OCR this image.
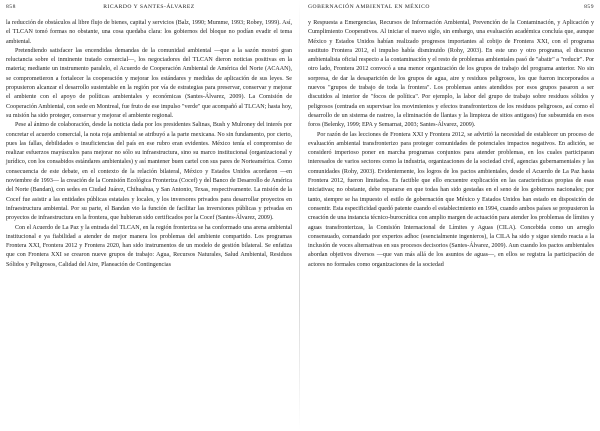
858	RICARDO Y SANTES-ÁLVAREZ

la reducción de obstáculos al libre flujo de bienes, capital y servicios (Balz, 1990; Mumme, 1993; Robey, 1999). Así, el TLCAN tomó formas no obstante, una cosa quedaba clara: los gobiernos del bloque no podían evadir el tema ambiental.

Pretendiendo satisfacer las encendidas demandas de la comunidad ambiental —que a la sazón mostró gran reluctancia sobre el inminente tratado comercial—, los negociadores del TLCAN dieron noticias positivas en la materia; mediante un instrumento paralelo, el Acuerdo de Cooperación Ambiental de América del Norte (ACAAN), se comprometieron a fortalecer la cooperación y mejorar los estándares y medidas de aplicación de sus leyes. Se propusieron alcanzar el desarrollo sustentable en la región por vía de estrategias para preservar, conservar y mejorar el ambiente con el apoyo de políticas ambientales y económicas (Santes-Álvarez, 2009). La Comisión de Cooperación Ambiental, con sede en Montreal, fue fruto de ese impulso "verde" que acompañó al TLCAN; hasta hoy, su misión ha sido proteger, conservar y mejorar el ambiente regional.

Pese al ánimo de colaboración, desde la noticia dada por los presidentes Salinas, Bush y Mulroney del interés por concretar el acuerdo comercial, la nota roja ambiental se atribuyó a la parte mexicana. No sin fundamento, por cierto, pues las fallas, debilidades o insuficiencias del país en ese rubro eran evidentes. México tenía el compromiso de realizar esfuerzos mayúsculos para mejorar no sólo su infraestructura, sino su marco institucional (organizacional y jurídico, con los consabidos estándares ambientales) y así mantener buen cartel con sus pares de Norteamérica. Como consecuencia de este debate, en el contexto de la relación bilateral, México y Estados Unidos acordaron —en noviembre de 1993— la creación de la Comisión Ecológica Fronteriza (Cocef) y del Banco de Desarrollo de América del Norte (Bandan), con sedes en Ciudad Juárez, Chihuahua, y San Antonio, Texas, respectivamente. La misión de la Cocef fue asistir a las entidades públicas estatales y locales, y los inversores privados para desarrollar proyectos en infraestructura ambiental. Por su parte, el Bandan vio la función de facilitar las inversiones públicas y privadas en proyectos de infraestructura en la frontera, que hubieran sido certificados por la Cocef (Santes-Álvarez, 2009).

Con el Acuerdo de La Paz y la entrada del TLCAN, en la región fronteriza se ha conformado una arena ambiental institucional e ya fiabilidad a atender de mejor manera los problemas del ambiente compartido. Los programas Frontera XXI, Frontera 2012 y Frontera 2020, han sido instrumentos de un modelo de gestión bilateral. Se enfatiza que con Frontera XXI se crearon nueve grupos de trabajo: Agua, Recursos Naturales, Salud Ambiental, Residuos Sólidos y Peligrosos, Calidad del Aire, Planeación de Contingencias

GOBERNACIÓN AMBIENTAL EN MÉXICO	859

y Respuesta a Emergencias, Recursos de Información Ambiental, Prevención de la Contaminación, y Aplicación y Cumplimiento Cooperativos. Al iniciar el nuevo siglo, sin embargo, una evaluación académica concluía que, aunque México y Estados Unidos habían realizado progresos importantes al cobijo de Frontera XXI, con el programa sustituto Frontera 2012, el impulso había disminuido (Rohy, 2003). En este uno y otro programa, el discurso ambientalista oficial respecto a la contaminación y el resto de problemas ambientales pasó de "abatir" a "reducir". Por otro lado, Frontera 2012 convocó a una menor organización de los grupos de trabajo del programa anterior. No sin sorpresa, de dar la desaparición de los grupos de agua, aire y residuos peligrosos, los que fueron incorporados a nuevos "grupos de trabajo de toda la frontera". Los problemas antes atendidos por esos grupos pasaron a ser discutidos al interior de "focos de política". Por ejemplo, la labor del grupo de trabajo sobre residuos sólidos y peligrosos (centrada en supervisar los movimientos y efectos transfronterizos de los residuos peligrosos, así como el desarrollo de un sistema de rastreo, la eliminación de llantas y la limpieza de sitios antiguos) fue subsumida en esos foros (Belenky, 1999; EPA y Semarnat, 2003; Santes-Álvarez, 2009).

Por razón de las lecciones de Frontera XXI y Frontera 2012, se advirtió la necesidad de establecer un proceso de evaluación ambiental transfronterizo para proteger comunidades de potenciales impactos negativos. En adición, se consideró imperioso poner en marcha programas conjuntos para atender problemas, en los cuales participaran interesados de varios sectores como la industria, organizaciones de la sociedad civil, agencias gubernamentales y las comunidades (Rohy, 2003). Evidentemente, los logros de los pactos ambientales, desde el Acuerdo de La Paz hasta Frontera 2012, fueron limitados. Es factible que ello encuentre explicación en las características propias de esas iniciativas; no obstante, debe repararse en que todas han sido gestadas en el seno de los gobiernos nacionales; por tanto, siempre se ha impuesto el estilo de gobernación que México y Estados Unidos han estado en disposición de consentir. Esta especificidad quedó patente cuando el establecimiento en 1994, cuando ambos países se propusieron la creación de una instancia técnico-burocrática con amplio margen de actuación para atender los problemas de límites y aguas transfronterizas, la Comisión Internacional de Límites y Aguas (CILA). Concebida como un arreglo consensuado, comandado por expertos adhoc (esencialmente ingenieros), la CILA ha sido y sigue siendo reacia a la inclusión de voces alternativas en sus procesos decisorios (Santes-Álvarez, 2009). Aun cuando los pactos ambientales abordan objetivos diversos —que van más allá de los asuntos de aguas—, en ellos se registra la participación de actores no formales como organizaciones de la sociedad
